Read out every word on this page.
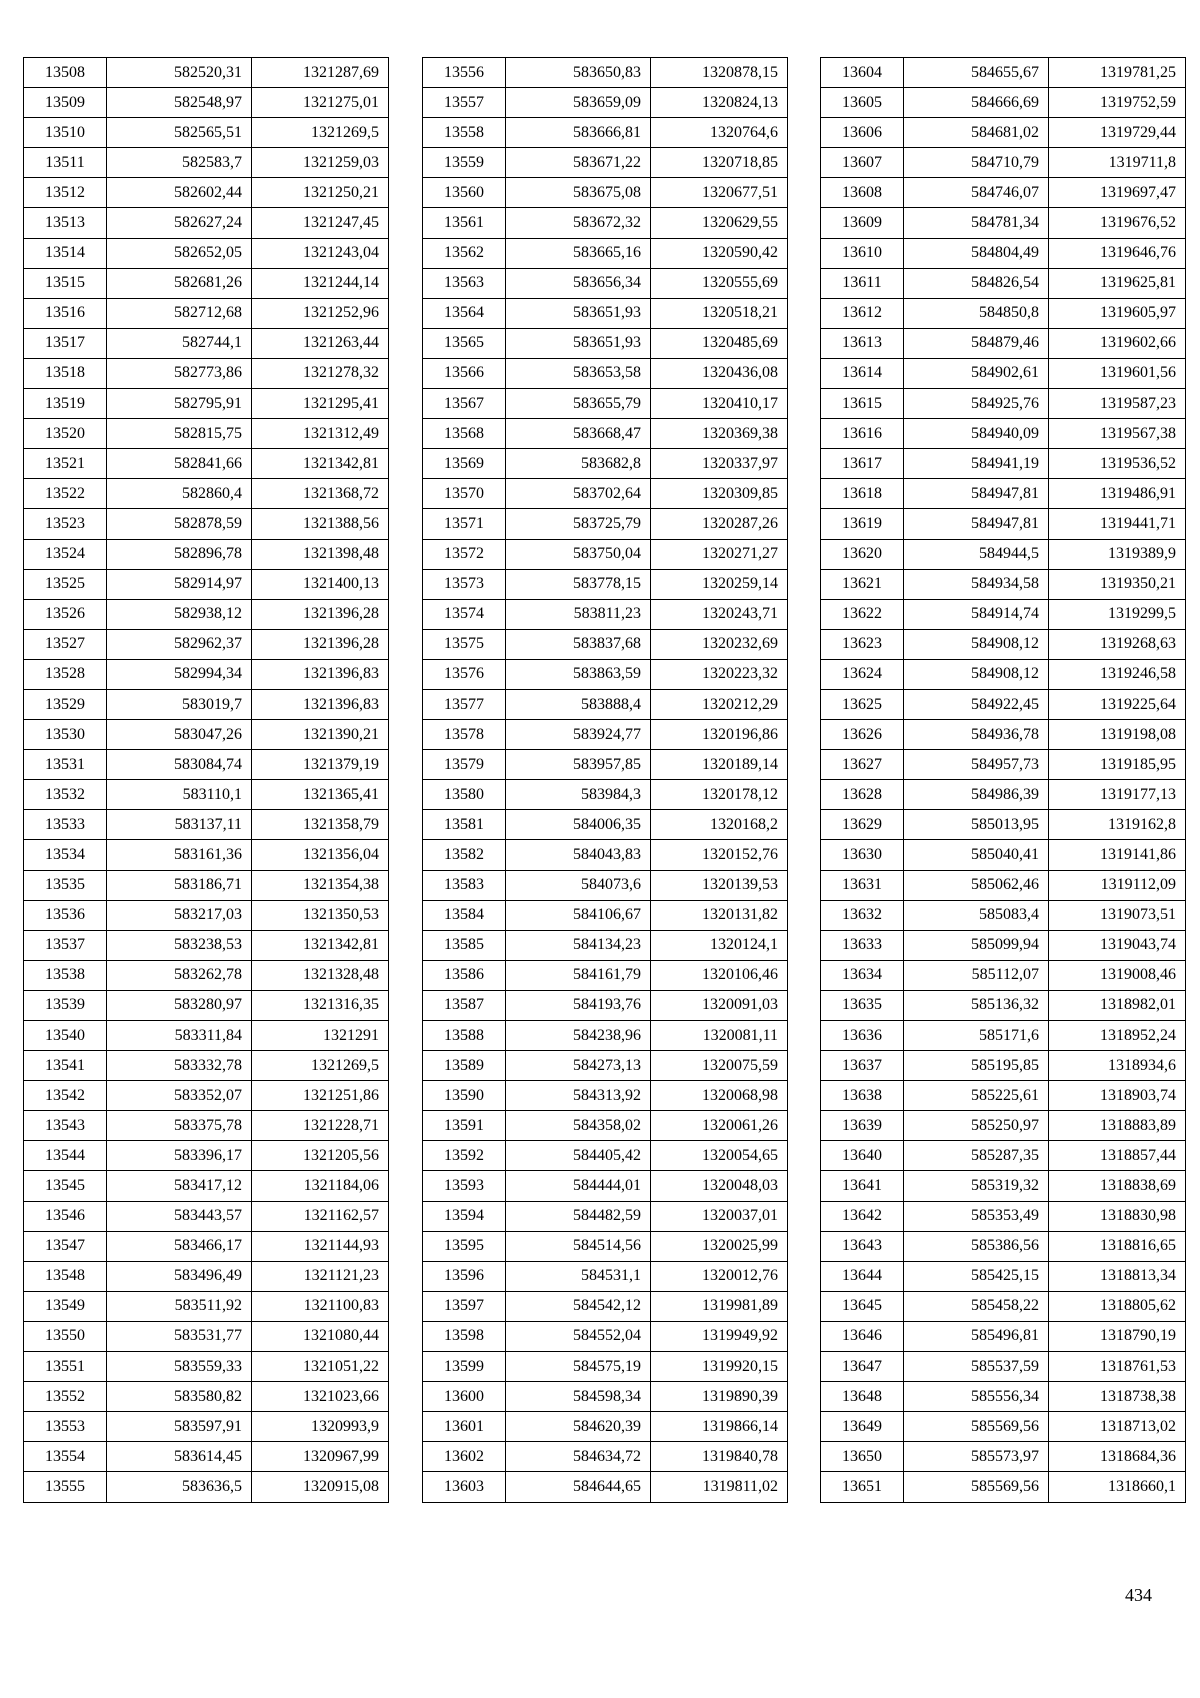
13508	582520,31	1321287,69
13509	582548,97	1321275,01
13510	582565,51	1321269,5
13511	582583,7	1321259,03
13512	582602,44	1321250,21
13513	582627,24	1321247,45
13514	582652,05	1321243,04
13515	582681,26	1321244,14
13516	582712,68	1321252,96
13517	582744,1	1321263,44
13518	582773,86	1321278,32
13519	582795,91	1321295,41
13520	582815,75	1321312,49
13521	582841,66	1321342,81
13522	582860,4	1321368,72
13523	582878,59	1321388,56
13524	582896,78	1321398,48
13525	582914,97	1321400,13
13526	582938,12	1321396,28
13527	582962,37	1321396,28
13528	582994,34	1321396,83
13529	583019,7	1321396,83
13530	583047,26	1321390,21
13531	583084,74	1321379,19
13532	583110,1	1321365,41
13533	583137,11	1321358,79
13534	583161,36	1321356,04
13535	583186,71	1321354,38
13536	583217,03	1321350,53
13537	583238,53	1321342,81
13538	583262,78	1321328,48
13539	583280,97	1321316,35
13540	583311,84	1321291
13541	583332,78	1321269,5
13542	583352,07	1321251,86
13543	583375,78	1321228,71
13544	583396,17	1321205,56
13545	583417,12	1321184,06
13546	583443,57	1321162,57
13547	583466,17	1321144,93
13548	583496,49	1321121,23
13549	583511,92	1321100,83
13550	583531,77	1321080,44
13551	583559,33	1321051,22
13552	583580,82	1321023,66
13553	583597,91	1320993,9
13554	583614,45	1320967,99
13555	583636,5	1320915,08
13556	583650,83	1320878,15
13557	583659,09	1320824,13
13558	583666,81	1320764,6
13559	583671,22	1320718,85
13560	583675,08	1320677,51
13561	583672,32	1320629,55
13562	583665,16	1320590,42
13563	583656,34	1320555,69
13564	583651,93	1320518,21
13565	583651,93	1320485,69
13566	583653,58	1320436,08
13567	583655,79	1320410,17
13568	583668,47	1320369,38
13569	583682,8	1320337,97
13570	583702,64	1320309,85
13571	583725,79	1320287,26
13572	583750,04	1320271,27
13573	583778,15	1320259,14
13574	583811,23	1320243,71
13575	583837,68	1320232,69
13576	583863,59	1320223,32
13577	583888,4	1320212,29
13578	583924,77	1320196,86
13579	583957,85	1320189,14
13580	583984,3	1320178,12
13581	584006,35	1320168,2
13582	584043,83	1320152,76
13583	584073,6	1320139,53
13584	584106,67	1320131,82
13585	584134,23	1320124,1
13586	584161,79	1320106,46
13587	584193,76	1320091,03
13588	584238,96	1320081,11
13589	584273,13	1320075,59
13590	584313,92	1320068,98
13591	584358,02	1320061,26
13592	584405,42	1320054,65
13593	584444,01	1320048,03
13594	584482,59	1320037,01
13595	584514,56	1320025,99
13596	584531,1	1320012,76
13597	584542,12	1319981,89
13598	584552,04	1319949,92
13599	584575,19	1319920,15
13600	584598,34	1319890,39
13601	584620,39	1319866,14
13602	584634,72	1319840,78
13603	584644,65	1319811,02
13604	584655,67	1319781,25
13605	584666,69	1319752,59
13606	584681,02	1319729,44
13607	584710,79	1319711,8
13608	584746,07	1319697,47
13609	584781,34	1319676,52
13610	584804,49	1319646,76
13611	584826,54	1319625,81
13612	584850,8	1319605,97
13613	584879,46	1319602,66
13614	584902,61	1319601,56
13615	584925,76	1319587,23
13616	584940,09	1319567,38
13617	584941,19	1319536,52
13618	584947,81	1319486,91
13619	584947,81	1319441,71
13620	584944,5	1319389,9
13621	584934,58	1319350,21
13622	584914,74	1319299,5
13623	584908,12	1319268,63
13624	584908,12	1319246,58
13625	584922,45	1319225,64
13626	584936,78	1319198,08
13627	584957,73	1319185,95
13628	584986,39	1319177,13
13629	585013,95	1319162,8
13630	585040,41	1319141,86
13631	585062,46	1319112,09
13632	585083,4	1319073,51
13633	585099,94	1319043,74
13634	585112,07	1319008,46
13635	585136,32	1318982,01
13636	585171,6	1318952,24
13637	585195,85	1318934,6
13638	585225,61	1318903,74
13639	585250,97	1318883,89
13640	585287,35	1318857,44
13641	585319,32	1318838,69
13642	585353,49	1318830,98
13643	585386,56	1318816,65
13644	585425,15	1318813,34
13645	585458,22	1318805,62
13646	585496,81	1318790,19
13647	585537,59	1318761,53
13648	585556,34	1318738,38
13649	585569,56	1318713,02
13650	585573,97	1318684,36
13651	585569,56	1318660,1
434
